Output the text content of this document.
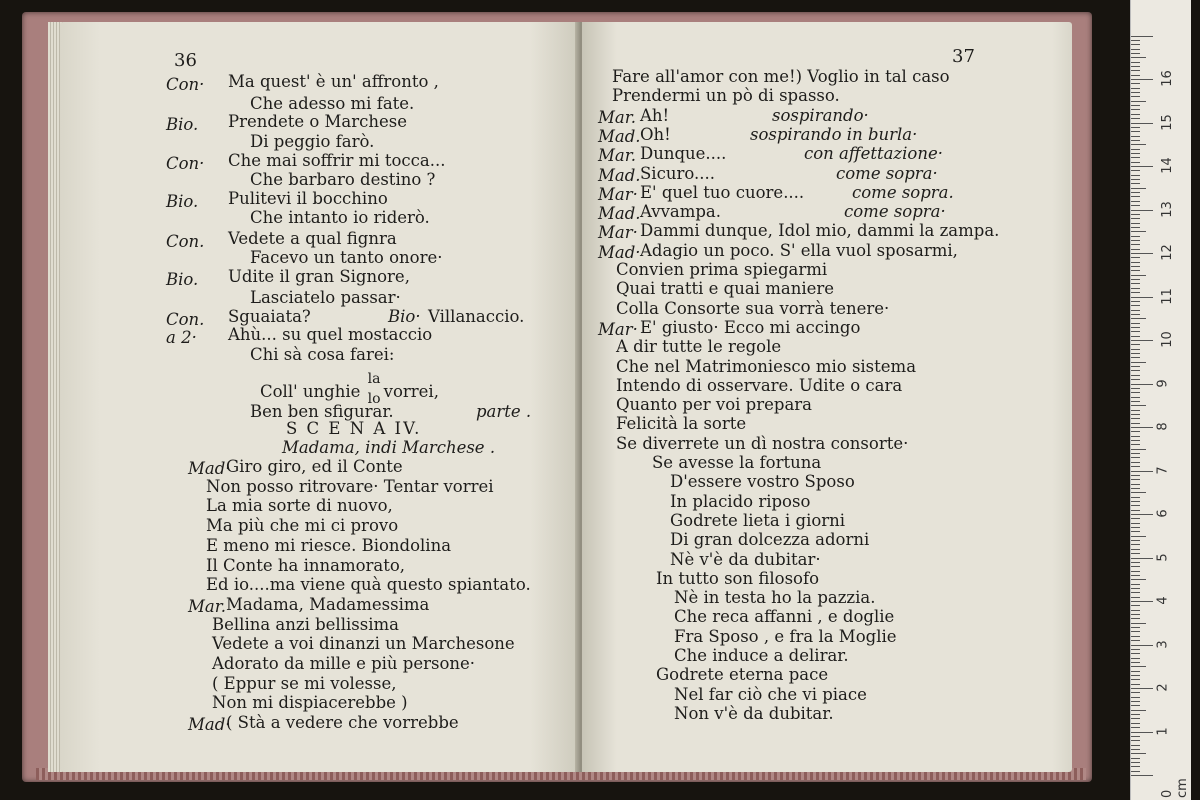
36
Con· Ma quest' è un' affronto ,
Che adesso mi fate.
Bio. Prendete o Marchese
Di peggio farò.
Con· Che mai soffrir mi tocca...
Che barbaro destino ?
Bio. Pulitevi il bocchino
Che intanto io riderò.
Con. Vedete a qual fignra
Facevo un tanto onore·
Bio. Udite il gran Signore,
Lasciatelo passar·
Con. Sguaiata?	Bio· Villanaccio.
a 2· Ahù... su quel mostaccio
Chi sà cosa farei:
Coll' unghie
la
lo vorrei,
Ben ben sfigurar.	parte .
S C E N A IV.
Madama, indi Marchese .
Mad·
Giro giro, ed il Conte
Non posso ritrovare· Tentar vorrei
La mia sorte di nuovo,
Ma più che mi ci provo
E meno mi riesce. Biondolina
Il Conte ha innamorato,
Ed io....ma viene quà questo spiantato.
Mar. Madama, Madamessima
Bellina anzi bellissima
Vedete a voi dinanzi un Marchesone
Adorato da mille e più persone·
( Eppur se mi volesse,
Non mi dispiacerebbe )
Mad·
( Stà a vedere che vorrebbe
37
Fare all'amor con me!) Voglio in tal caso
Prendermi un pò di spasso.
Mar. Ah!	sospirando·
Mad. Oh!	sospirando in burla·
Mar. Dunque....	con affettazione·
Mad. Sicuro....	come sopra·
Mar· E' quel tuo cuore....	come sopra.
Mad. Avvampa.	come sopra·
Mar· Dammi dunque, Idol mio, dammi la zampa.
Mad· Adagio un poco. S' ella vuol sposarmi,
Convien prima spiegarmi
Quai tratti e quai maniere
Colla Consorte sua vorrà tenere·
Mar· E' giusto· Ecco mi accingo
A dir tutte le regole
Che nel Matrimoniesco mio sistema
Intendo di osservare. Udite o cara
Quanto per voi prepara
Felicità la sorte
Se diverrete un dì nostra consorte·
Se avesse la fortuna
D'essere vostro Sposo
In placido riposo
Godrete lieta i giorni
Di gran dolcezza adorni
Nè v'è da dubitar·
In tutto son filosofo
Nè in testa ho la pazzia.
Che reca affanni , e doglie
Fra Sposo , e fra la Moglie
Che induce a delirar.
Godrete eterna pace
Nel far ciò che vi piace
Non v'è da dubitar.
0 cm
1
2
3
4
5
6
7
8
9
10
11
12
13
14
15
16
